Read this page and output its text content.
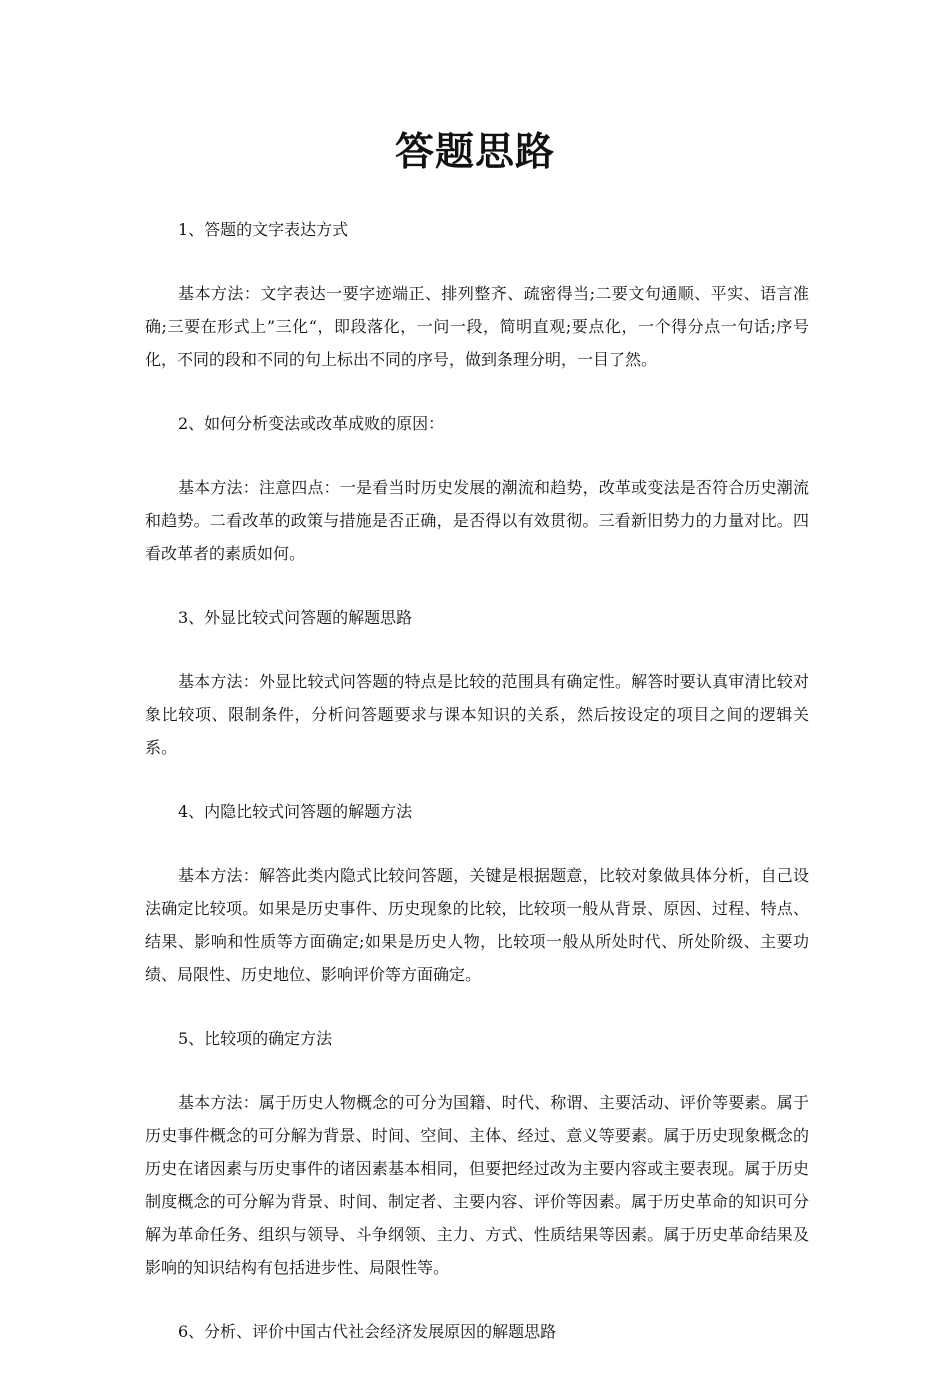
答题思路

1、答题的文字表达方式

基本方法：文字表达一要字迹端正、排列整齐、疏密得当;二要文句通顺、平实、语言准确;三要在形式上”三化“，即段落化，一问一段，简明直观;要点化，一个得分点一句话;序号化，不同的段和不同的句上标出不同的序号，做到条理分明，一目了然。

2、如何分析变法或改革成败的原因：

基本方法：注意四点：一是看当时历史发展的潮流和趋势，改革或变法是否符合历史潮流和趋势。二看改革的政策与措施是否正确，是否得以有效贯彻。三看新旧势力的力量对比。四看改革者的素质如何。

3、外显比较式问答题的解题思路

基本方法：外显比较式问答题的特点是比较的范围具有确定性。解答时要认真审清比较对象比较项、限制条件，分析问答题要求与课本知识的关系，然后按设定的项目之间的逻辑关系。

4、内隐比较式问答题的解题方法

基本方法：解答此类内隐式比较问答题，关键是根据题意，比较对象做具体分析，自己设法确定比较项。如果是历史事件、历史现象的比较，比较项一般从背景、原因、过程、特点、结果、影响和性质等方面确定;如果是历史人物，比较项一般从所处时代、所处阶级、主要功绩、局限性、历史地位、影响评价等方面确定。

5、比较项的确定方法

基本方法：属于历史人物概念的可分为国籍、时代、称谓、主要活动、评价等要素。属于历史事件概念的可分解为背景、时间、空间、主体、经过、意义等要素。属于历史现象概念的历史在诸因素与历史事件的诸因素基本相同，但要把经过改为主要内容或主要表现。属于历史制度概念的可分解为背景、时间、制定者、主要内容、评价等因素。属于历史革命的知识可分解为革命任务、组织与领导、斗争纲领、主力、方式、性质结果等因素。属于历史革命结果及影响的知识结构有包括进步性、局限性等。

6、分析、评价中国古代社会经济发展原因的解题思路
